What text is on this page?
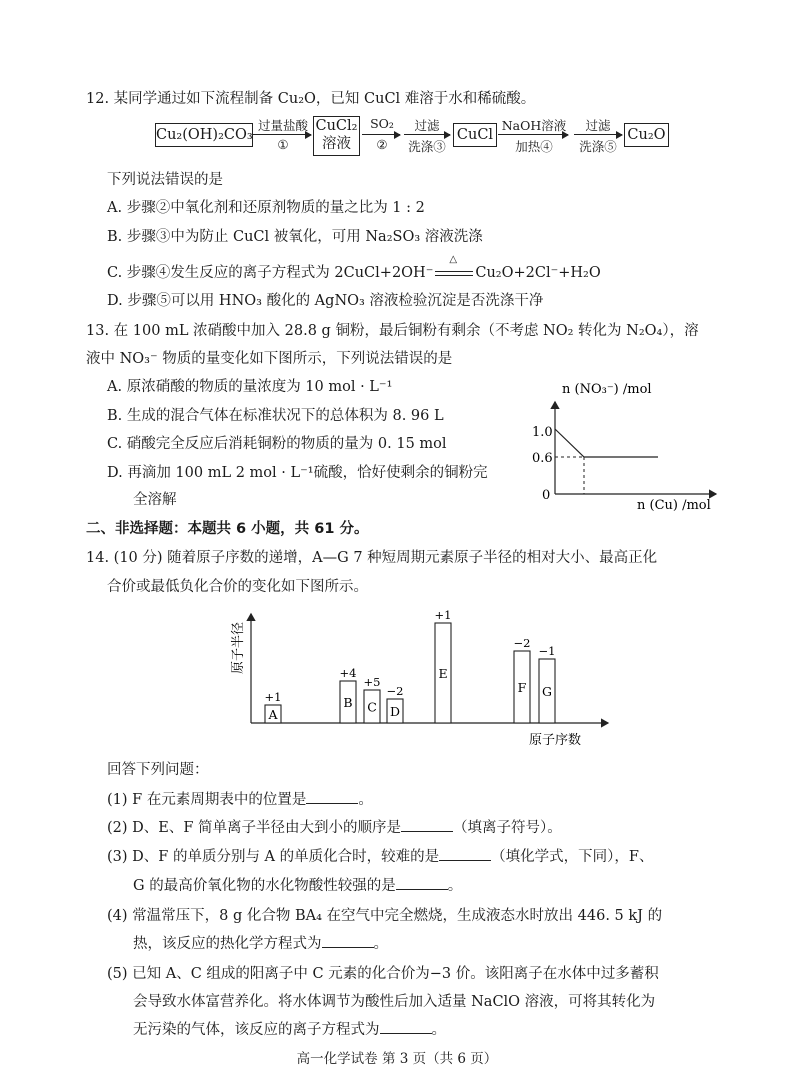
12. 某同学通过如下流程制备 Cu₂O，已知 CuCl 难溶于水和稀硫酸。
Cu₂(OH)₂CO₃
过量盐酸
①
CuCl₂
溶液
SO₂
②
过滤
洗涤③
CuCl
NaOH溶液
加热④
过滤
洗涤⑤
Cu₂O
下列说法错误的是
A. 步骤②中氧化剂和还原剂物质的量之比为 1 : 2
B. 步骤③中为防止 CuCl 被氧化，可用 Na₂SO₃ 溶液洗涤
C. 步骤④发生反应的离子方程式为 2CuCl+2OH⁻
△
Cu₂O+2Cl⁻+H₂O
D. 步骤⑤可以用 HNO₃ 酸化的 AgNO₃ 溶液检验沉淀是否洗涤干净
13. 在 100 mL 浓硝酸中加入 28.8 g 铜粉，最后铜粉有剩余（不考虑 NO₂ 转化为 N₂O₄），溶
液中 NO₃⁻ 物质的量变化如下图所示，下列说法错误的是
A. 原浓硝酸的物质的量浓度为 10 mol · L⁻¹
B. 生成的混合气体在标准状况下的总体积为 8. 96 L
C. 硝酸完全反应后消耗铜粉的物质的量为 0. 15 mol
D. 再滴加 100 mL 2 mol · L⁻¹硫酸，恰好使剩余的铜粉完
全溶解
n (NO₃⁻) /mol
n (Cu) /mol
1.0
0.6
0
二、非选择题：本题共 6 小题，共 61 分。
14. (10 分) 随着原子序数的递增，A—G 7 种短周期元素原子半径的相对大小、最高正化
合价或最低负化合价的变化如下图所示。
原子半径
原子序数
A
+1	B
+4
C
+5
D
−2
E
+1
F
−2
G
−1
回答下列问题：
(1) F 在元素周期表中的位置是	。
(2) D、E、F 简单离子半径由大到小的顺序是	（填离子符号）。
(3) D、F 的单质分别与 A 的单质化合时，较难的是	（填化学式，下同），F、
G 的最高价氧化物的水化物酸性较强的是	。
(4) 常温常压下，8 g 化合物 BA₄ 在空气中完全燃烧，生成液态水时放出 446. 5 kJ 的
热，该反应的热化学方程式为	。
(5) 已知 A、C 组成的阳离子中 C 元素的化合价为−3 价。该阳离子在水体中过多蓄积
会导致水体富营养化。将水体调节为酸性后加入适量 NaClO 溶液，可将其转化为
无污染的气体，该反应的离子方程式为	。
高一化学试卷 第 3 页（共 6 页）
